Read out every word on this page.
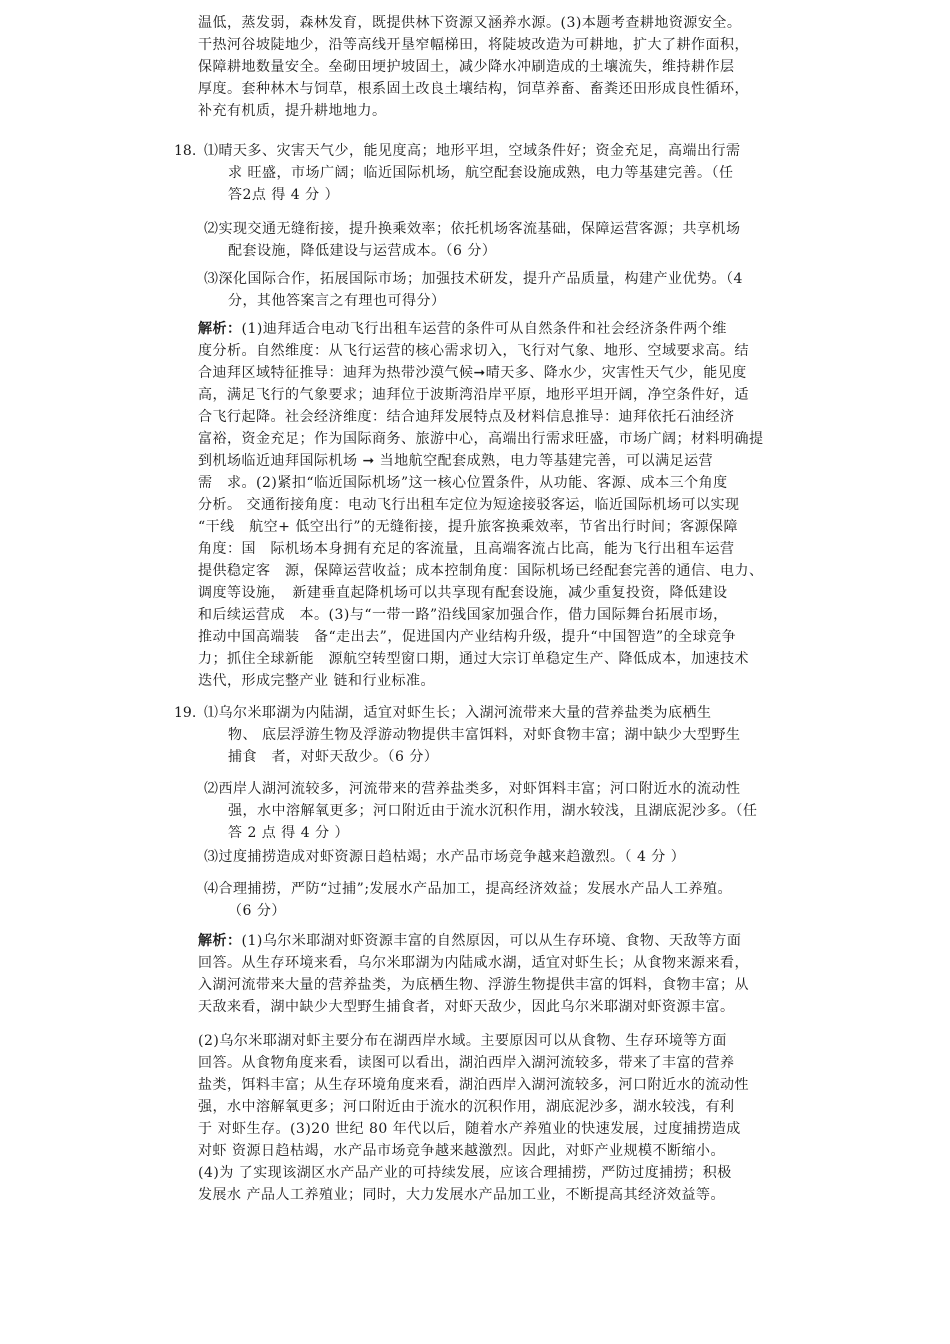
温低，蒸发弱，森林发育，既提供林下资源又涵养水源。(3)本题考查耕地资源安全。
干热河谷坡陡地少，沿等高线开垦窄幅梯田，将陡坡改造为可耕地，扩大了耕作面积，
保障耕地数量安全。垒砌田埂护坡固土，减少降水冲刷造成的土壤流失，维持耕作层
厚度。套种林木与饲草，根系固土改良土壤结构，饲草养畜、畜粪还田形成良性循环，
补充有机质，提升耕地地力。
18. ⑴晴天多、灾害天气少，能见度高；地形平坦，空域条件好；资金充足，高端出行需
求 旺盛，市场广阔；临近国际机场，航空配套设施成熟，电力等基建完善。（任
答2点 得 4 分 ）
⑵实现交通无缝衔接，提升换乘效率；依托机场客流基础，保障运营客源；共享机场
配套设施，降低建设与运营成本。（6 分）
⑶深化国际合作，拓展国际市场；加强技术研发，提升产品质量，构建产业优势。（4
分，其他答案言之有理也可得分）
解析：(1)迪拜适合电动飞行出租车运营的条件可从自然条件和社会经济条件两个维
度分析。自然维度：从飞行运营的核心需求切入，飞行对气象、地形、空域要求高。结
合迪拜区域特征推导：迪拜为热带沙漠气候➞晴天多、降水少，灾害性天气少，能见度
高，满足飞行的气象要求；迪拜位于波斯湾沿岸平原，地形平坦开阔，净空条件好，适
合飞行起降。社会经济维度：结合迪拜发展特点及材料信息推导：迪拜依托石油经济
富裕，资金充足；作为国际商务、旅游中心，高端出行需求旺盛，市场广阔；材料明确提
到机场临近迪拜国际机场 ➞ 当地航空配套成熟，电力等基建完善，可以满足运营
需　求。(2)紧扣“临近国际机场”这一核心位置条件，从功能、客源、成本三个角度
分析。 交通衔接角度：电动飞行出租车定位为短途接驳客运，临近国际机场可以实现
“干线　航空+ 低空出行”的无缝衔接，提升旅客换乘效率，节省出行时间；客源保障
角度：国　际机场本身拥有充足的客流量，且高端客流占比高，能为飞行出租车运营
提供稳定客　源，保障运营收益；成本控制角度：国际机场已经配套完善的通信、电力、
调度等设施，　新建垂直起降机场可以共享现有配套设施，减少重复投资，降低建设
和后续运营成　本。(3)与“一带一路”沿线国家加强合作，借力国际舞台拓展市场，
推动中国高端装　备“走出去”，促进国内产业结构升级，提升“中国智造”的全球竞争
力；抓住全球新能　源航空转型窗口期，通过大宗订单稳定生产、降低成本，加速技术
迭代，形成完整产业 链和行业标准。
19. ⑴乌尔米耶湖为内陆湖，适宜对虾生长；入湖河流带来大量的营养盐类为底栖生
物、 底层浮游生物及浮游动物提供丰富饵料，对虾食物丰富；湖中缺少大型野生
捕食　者，对虾天敌少。（6 分）
⑵西岸人湖河流较多，河流带来的营养盐类多，对虾饵料丰富；河口附近水的流动性
强，水中溶解氧更多；河口附近由于流水沉积作用，湖水较浅，且湖底泥沙多。（任
答 2 点 得 4 分 ）
⑶过度捕捞造成对虾资源日趋枯竭；水产品市场竞争越来趋激烈。（ 4 分 ）
⑷合理捕捞，严防“过捕”;发展水产品加工，提高经济效益；发展水产品人工养殖。
（6 分）
解析：(1)乌尔米耶湖对虾资源丰富的自然原因，可以从生存环境、食物、天敌等方面
回答。从生存环境来看，乌尔米耶湖为内陆咸水湖，适宜对虾生长；从食物来源来看，
入湖河流带来大量的营养盐类，为底栖生物、浮游生物提供丰富的饵料，食物丰富；从
天敌来看，湖中缺少大型野生捕食者，对虾天敌少，因此乌尔米耶湖对虾资源丰富。
(2)乌尔米耶湖对虾主要分布在湖西岸水域。主要原因可以从食物、生存环境等方面
回答。从食物角度来看，读图可以看出，湖泊西岸入湖河流较多，带来了丰富的营养
盐类，饵料丰富；从生存环境角度来看，湖泊西岸入湖河流较多，河口附近水的流动性
强，水中溶解氧更多；河口附近由于流水的沉积作用，湖底泥沙多，湖水较浅，有利
于 对虾生存。(3)20 世纪 80 年代以后，随着水产养殖业的快速发展，过度捕捞造成
对虾 资源日趋枯竭，水产品市场竞争越来越激烈。因此，对虾产业规模不断缩小。
(4)为 了实现该湖区水产品产业的可持续发展，应该合理捕捞，严防过度捕捞；积极
发展水 产品人工养殖业；同时，大力发展水产品加工业，不断提高其经济效益等。
